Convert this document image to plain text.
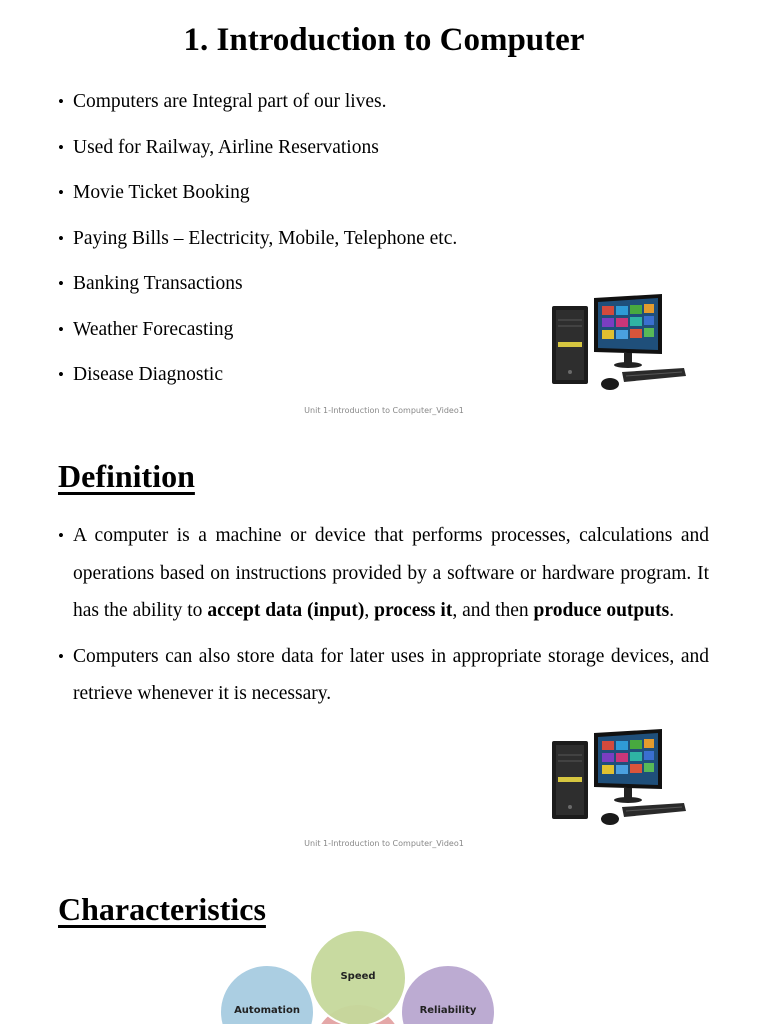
1. Introduction to Computer
• Computers are Integral part of our lives.
• Used for Railway, Airline Reservations
• Movie Ticket Booking
• Paying Bills – Electricity, Mobile, Telephone etc.
• Banking Transactions
• Weather Forecasting
• Disease Diagnostic
Unit 1-Introduction to Computer_Video1
Definition
• A computer is a machine or device that performs processes, calculations and operations based on instructions provided by a software or hardware program. It has the ability to accept data (input), process it, and then produce outputs.
• Computers can also store data for later uses in appropriate storage devices, and retrieve whenever it is necessary.
Unit 1-Introduction to Computer_Video1
Characteristics
Speed
Automation	Reliability
